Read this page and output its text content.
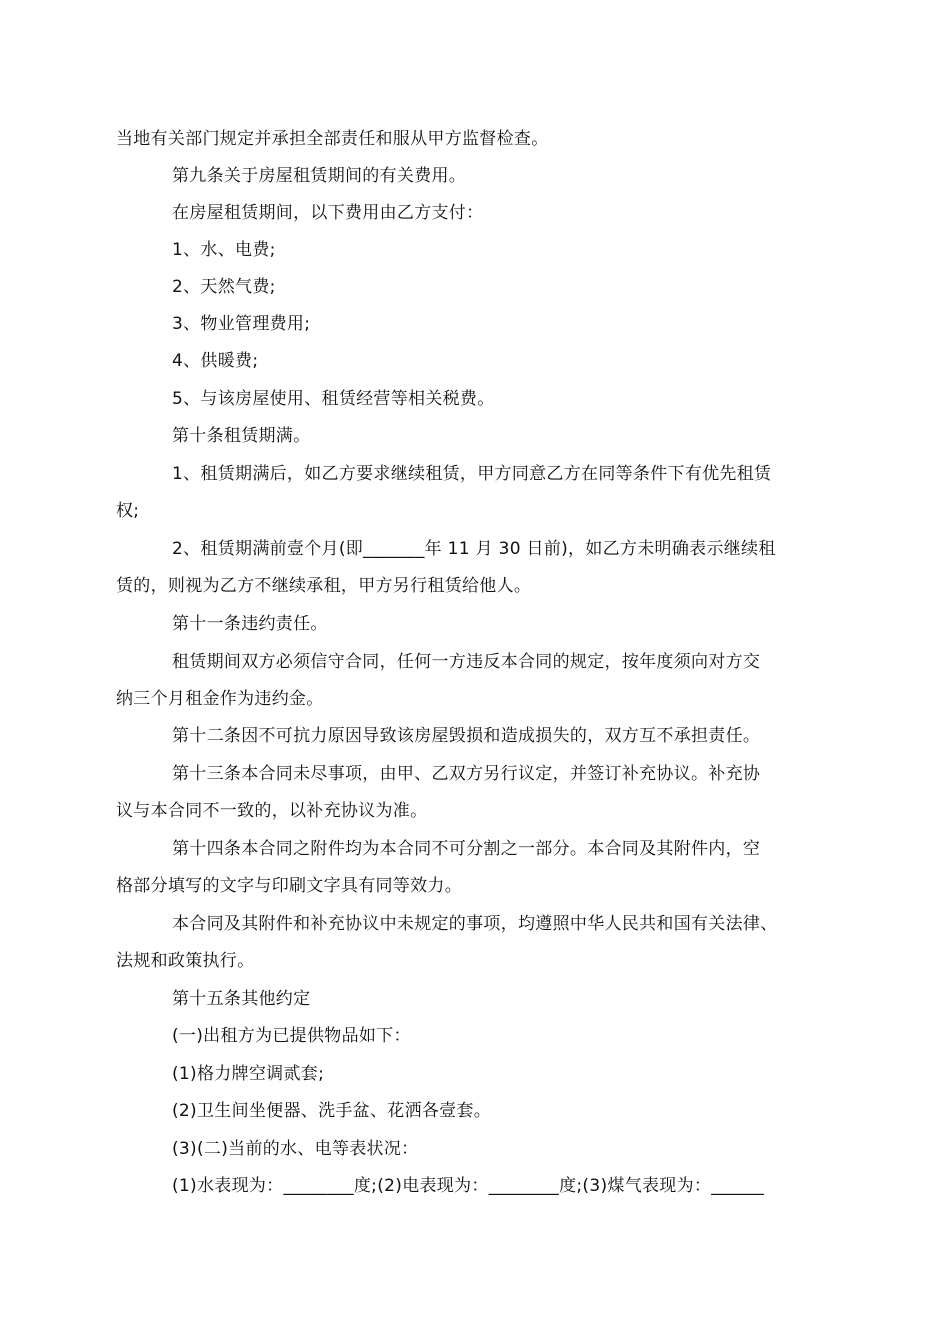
当地有关部门规定并承担全部责任和服从甲方监督检查。
第九条关于房屋租赁期间的有关费用。
在房屋租赁期间，以下费用由乙方支付：
1、水、电费;
2、天然气费;
3、物业管理费用;
4、供暖费;
5、与该房屋使用、租赁经营等相关税费。
第十条租赁期满。
1、租赁期满后，如乙方要求继续租赁，甲方同意乙方在同等条件下有优先租赁
权;
2、租赁期满前壹个月(即_______年 11 月 30 日前)，如乙方未明确表示继续租
赁的，则视为乙方不继续承租，甲方另行租赁给他人。
第十一条违约责任。
租赁期间双方必须信守合同，任何一方违反本合同的规定，按年度须向对方交
纳三个月租金作为违约金。
第十二条因不可抗力原因导致该房屋毁损和造成损失的，双方互不承担责任。
第十三条本合同未尽事项，由甲、乙双方另行议定，并签订补充协议。补充协
议与本合同不一致的，以补充协议为准。
第十四条本合同之附件均为本合同不可分割之一部分。本合同及其附件内，空
格部分填写的文字与印刷文字具有同等效力。
本合同及其附件和补充协议中未规定的事项，均遵照中华人民共和国有关法律、
法规和政策执行。
第十五条其他约定
(一)出租方为已提供物品如下：
(1)格力牌空调贰套;
(2)卫生间坐便器、洗手盆、花洒各壹套。
(3)(二)当前的水、电等表状况：
(1)水表现为：________度;(2)电表现为：________度;(3)煤气表现为：______
